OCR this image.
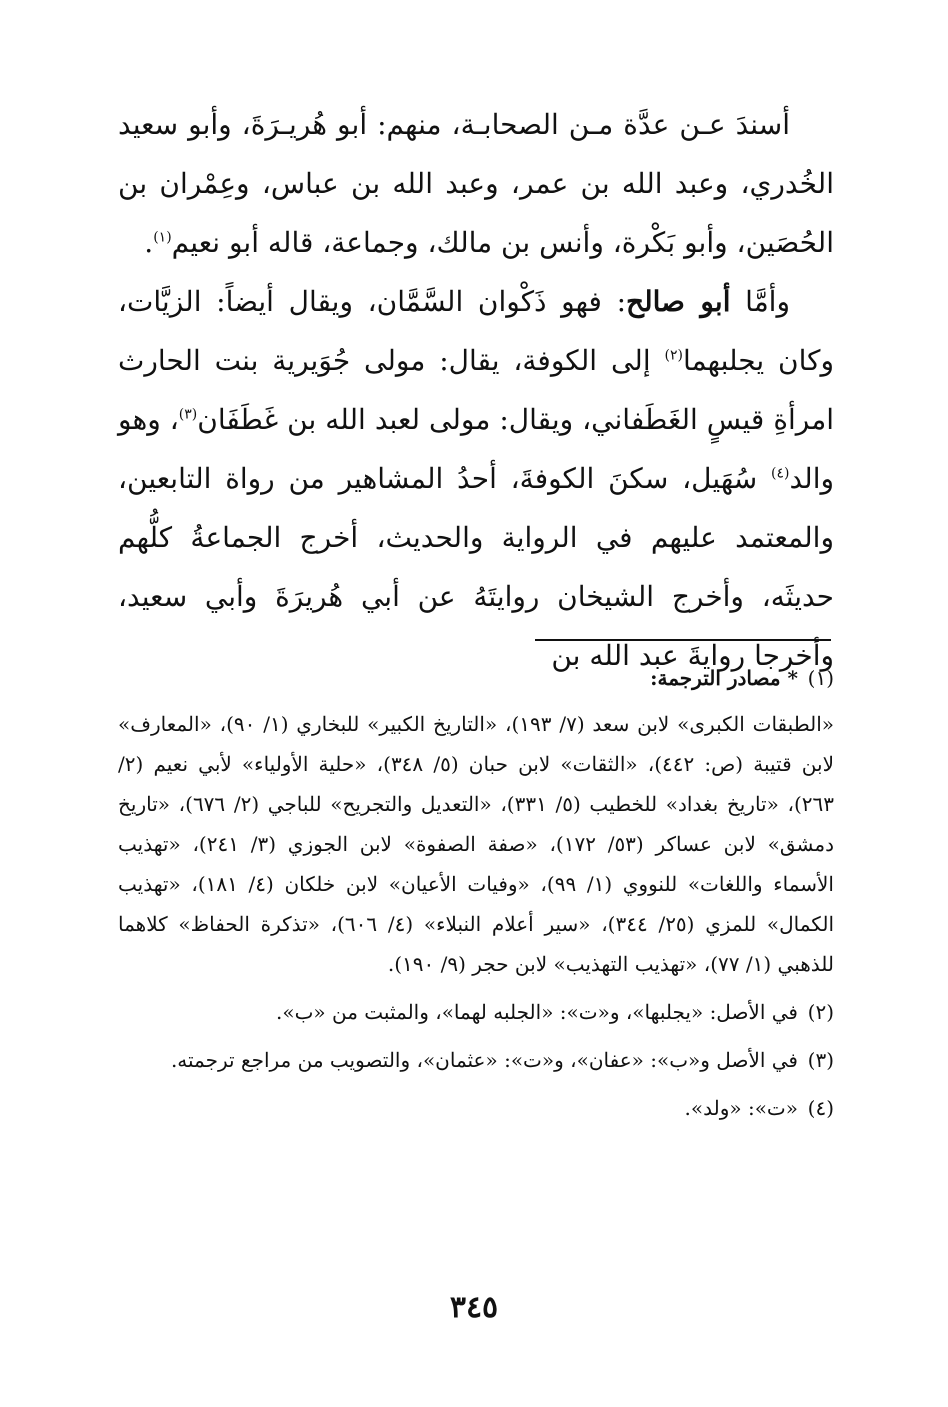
أسندَ عـن عدَّة مـن الصحابـة، منهم: أبو هُريـرَةَ، وأبو سعيد الخُدري، وعبد الله بن عمر، وعبد الله بن عباس، وعِمْران بن الحُصَين، وأبو بَكْرة، وأنس بن مالك، وجماعة، قاله أبو نعيم$^{(١)}$.

وأمَّا أبو صالح: فهو ذَكْوان السَّمَّان، ويقال أيضاً: الزيَّات، وكان يجلبهما$^{(٢)}$ إلى الكوفة، يقال: مولى جُوَيرية بنت الحارث امرأةِ قيسٍ الغَطَفاني، ويقال: مولى لعبد الله بن غَطَفَان$^{(٣)}$، وهو والد$^{(٤)}$ سُهَيل، سكنَ الكوفةَ، أحدُ المشاهير من رواة التابعين، والمعتمد عليهم في الرواية والحديث، أخرج الجماعةُ كلُّهم حديثَه، وأخرج الشيخان روايتَهُ عن أبي هُريرَةَ وأبي سعيد، وأخرجا روايةَ عبد الله بن

(١)
* مصادر الترجمة:
«الطبقات الكبرى» لابن سعد (٧/ ١٩٣)، «التاريخ الكبير» للبخاري (١/ ٩٠)، «المعارف» لابن قتيبة (ص: ٤٤٢)، «الثقات» لابن حبان (٥/ ٣٤٨)، «حلية الأولياء» لأبي نعيم (٢/ ٢٦٣)، «تاريخ بغداد» للخطيب (٥/ ٣٣١)، «التعديل والتجريح» للباجي (٢/ ٦٧٦)، «تاريخ دمشق» لابن عساكر (٥٣/ ١٧٢)، «صفة الصفوة» لابن الجوزي (٣/ ٢٤١)، «تهذيب الأسماء واللغات» للنووي (١/ ٩٩)، «وفيات الأعيان» لابن خلكان (٤/ ١٨١)، «تهذيب الكمال» للمزي (٢٥/ ٣٤٤)، «سير أعلام النبلاء» (٤/ ٦٠٦)، «تذكرة الحفاظ» كلاهما للذهبي (١/ ٧٧)، «تهذيب التهذيب» لابن حجر (٩/ ١٩٠).
(٢)
في الأصل: «يجلبها»، و«ت»: «الجلبه لهما»، والمثبت من «ب».
(٣)
في الأصل و«ب»: «عفان»، و«ت»: «عثمان»، والتصويب من مراجع ترجمته.
(٤)
«ت»: «ولد».
٣٤٥
